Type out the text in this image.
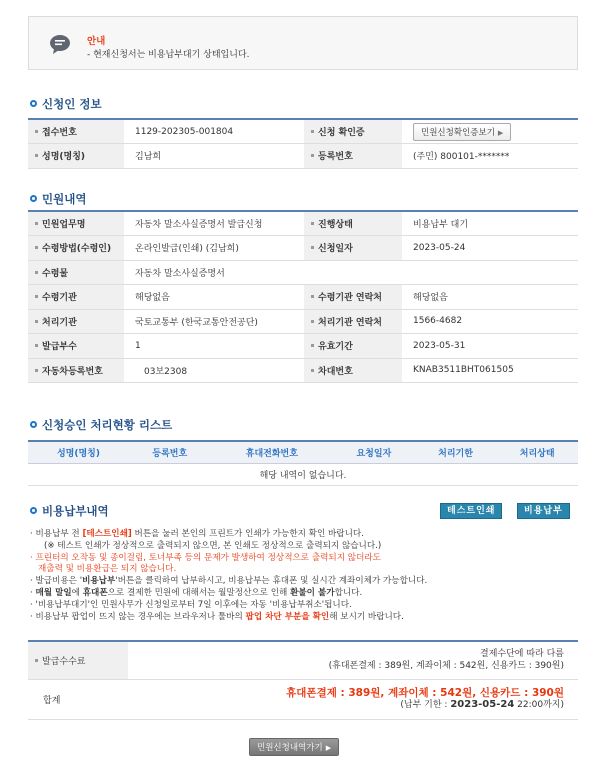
안내
- 현재신청서는 비용납부대기 상태입니다.
신청인 정보
접수번호	1129-202305-001804	신청 확인증	민원신청확인증보기 ▶
성명(명칭)	김남희	등록번호	(주민) 800101-*******
민원내역
민원업무명	자동차 말소사실증명서 발급신청	진행상태	비용납부 대기
수령방법(수령인)	온라인발급(인쇄) (김남희)	신청일자	2023-05-24
수령물	자동차 말소사실증명서		
수령기관	해당없음	수령기관 연락처	해당없음
처리기관	국토교통부 (한국교통안전공단)	처리기관 연락처	1566-4682
발급부수	1	유효기간	2023-05-31
자동차등록번호	03보2308	차대번호	KNAB3511BHT061505
신청승인 처리현황 리스트
성명(명칭)	등록번호	휴대전화번호	요청일자	처리기한	처리상태
해당 내역이 없습니다.
비용납부내역	테스트인쇄	비용납부
· 비용납부 전 [테스트인쇄] 버튼을 눌러 본인의 프린트가 인쇄가 가능한지 확인 바랍니다.
(※ 테스트 인쇄가 정상적으로 출력되지 않으면, 본 인쇄도 정상적으로 출력되지 않습니다.)
· 프린터의 오작동 및 종이걸림, 토너부족 등의 문제가 발생하여 정상적으로 출력되지 않더라도
재출력 및 비용환급은 되지 않습니다.
· 발급비용은 '비용납부'버튼을 클릭하여 납부하시고, 비용납부는 휴대폰 및 실시간 계좌이체가 가능합니다.
· 매월 말일에 휴대폰으로 결제한 민원에 대해서는 월말정산으로 인해 환불이 불가합니다.
· '비용납부대기'인 민원사무가 신청일로부터 7일 이후에는 자동 '비용납부취소'됩니다.
· 비용납부 팝업이 뜨지 않는 경우에는 브라우저나 툴바의 팝업 차단 부분을 확인해 보시기 바랍니다.
발급수수료	결제수단에 따라 다름
(휴대폰결제 : 389원, 계좌이체 : 542원, 신용카드 : 390원)

합계	휴대폰결제 : 389원, 계좌이체 : 542원, 신용카드 : 390원
(납부 기한 : 2023-05-24 22:00까지)
민원신청내역가기 ▶
